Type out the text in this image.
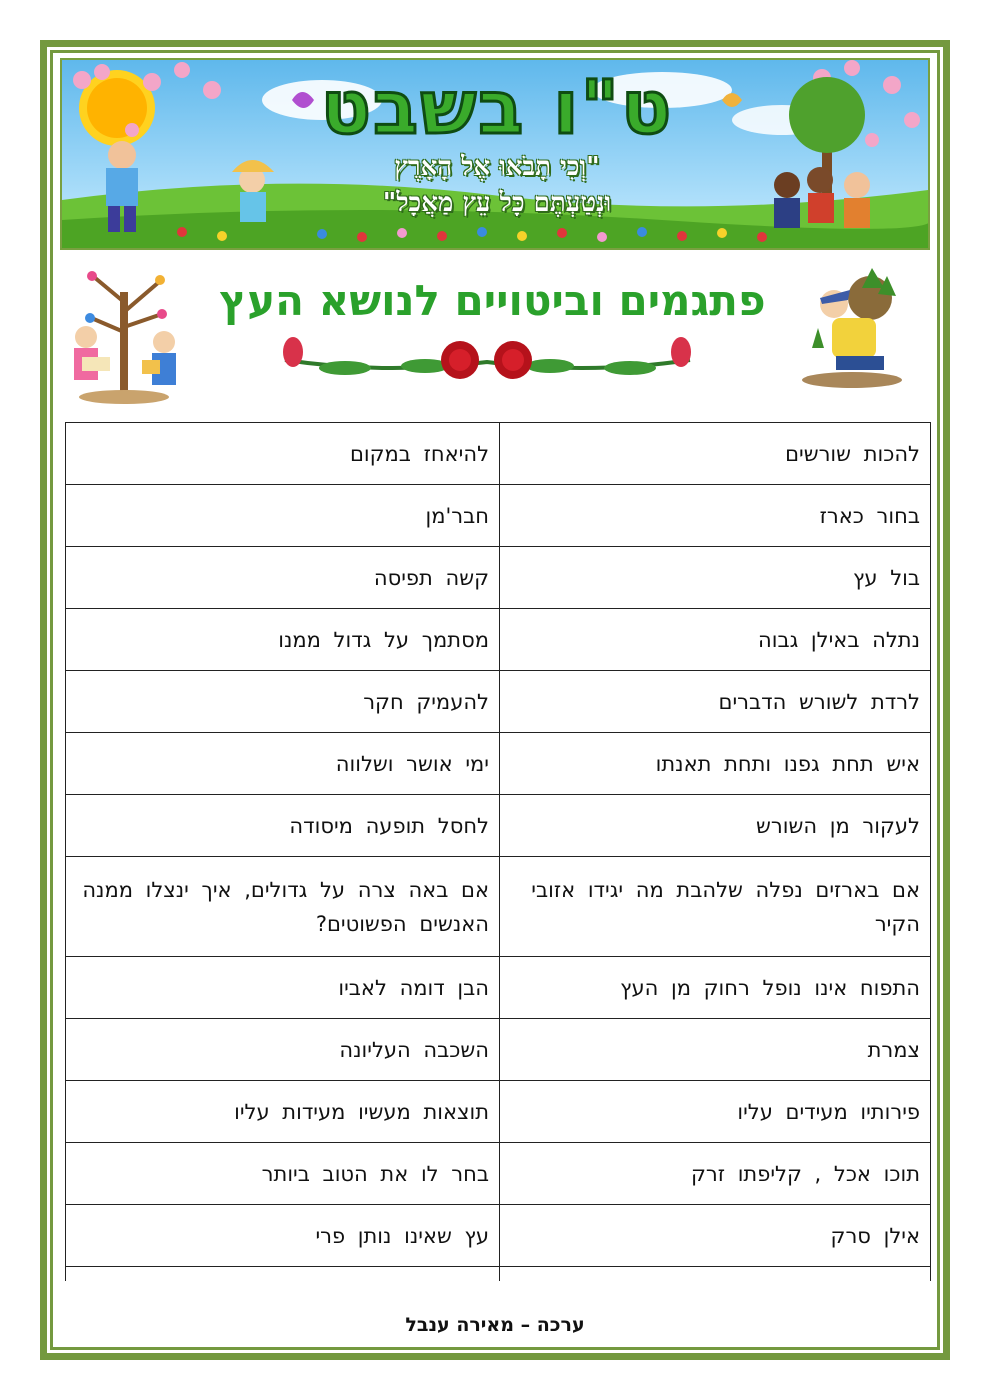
ט"ו בשבט
"וְכִי תָבֹאוּ אֶל הָאָרֶץ
וּנְטַעְתֶּם כָּל עֵץ מַאֲכָל"
פתגמים וביטויים לנושא העץ
להכות שורשים	להיאחז במקום
בחור כארז	חבר'מן
בול עץ	קשה תפיסה
נתלה באילן גבוה	מסתמך על גדול ממנו
לרדת לשורש הדברים	להעמיק חקר
איש תחת גפנו ותחת תאנתו	ימי אושר ושלווה
לעקור מן השורש	לחסל תופעה מיסודה
אם בארזים נפלה שלהבת מה יגידו אזובי הקיר	אם באה צרה על גדולים, איך ינצלו ממנה האנשים הפשוטים?
התפוח אינו נופל רחוק מן העץ	הבן דומה לאביו
צמרת	השכבה העליונה
פירותיו מעידים עליו	תוצאות מעשיו מעידות עליו
תוכו אכל , קליפתו זרק	בחר לו את הטוב ביותר
אילן סרק	עץ שאינו נותן פרי

ערכה – מאירה ענבל
